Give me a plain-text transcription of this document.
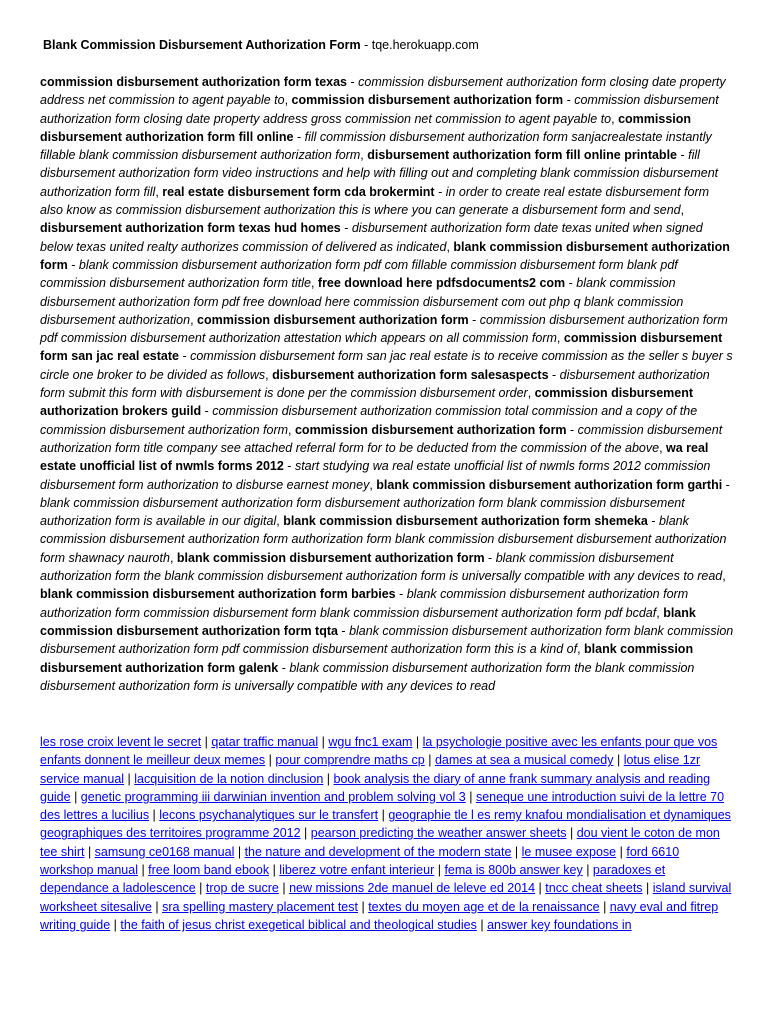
Blank Commission Disbursement Authorization Form - tqe.herokuapp.com
commission disbursement authorization form texas - commission disbursement authorization form closing date property address net commission to agent payable to, commission disbursement authorization form - commission disbursement authorization form closing date property address gross commission net commission to agent payable to, commission disbursement authorization form fill online - fill commission disbursement authorization form sanjacrealestate instantly fillable blank commission disbursement authorization form, disbursement authorization form fill online printable - fill disbursement authorization form video instructions and help with filling out and completing blank commission disbursement authorization form fill, real estate disbursement form cda brokermint - in order to create real estate disbursement form also know as commission disbursement authorization this is where you can generate a disbursement form and send, disbursement authorization form texas hud homes - disbursement authorization form date texas united when signed below texas united realty authorizes commission of delivered as indicated, blank commission disbursement authorization form - blank commission disbursement authorization form pdf com fillable commission disbursement form blank pdf commission disbursement authorization form title, free download here pdfsdocuments2 com - blank commission disbursement authorization form pdf free download here commission disbursement com out php q blank commission disbursement authorization, commission disbursement authorization form - commission disbursement authorization form pdf commission disbursement authorization attestation which appears on all commission form, commission disbursement form san jac real estate - commission disbursement form san jac real estate is to receive commission as the seller s buyer s circle one broker to be divided as follows, disbursement authorization form salesaspects - disbursement authorization form submit this form with disbursement is done per the commission disbursement order, commission disbursement authorization brokers guild - commission disbursement authorization commission total commission and a copy of the commission disbursement authorization form, commission disbursement authorization form - commission disbursement authorization form title company see attached referral form for to be deducted from the commission of the above, wa real estate unofficial list of nwmls forms 2012 - start studying wa real estate unofficial list of nwmls forms 2012 commission disbursement form authorization to disburse earnest money, blank commission disbursement authorization form garthi - blank commission disbursement authorization form disbursement authorization form blank commission disbursement authorization form is available in our digital, blank commission disbursement authorization form shemeka - blank commission disbursement authorization form authorization form blank commission disbursement disbursement authorization form shawnacy nauroth, blank commission disbursement authorization form - blank commission disbursement authorization form the blank commission disbursement authorization form is universally compatible with any devices to read, blank commission disbursement authorization form barbies - blank commission disbursement authorization form authorization form commission disbursement form blank commission disbursement authorization form pdf bcdaf, blank commission disbursement authorization form tqta - blank commission disbursement authorization form blank commission disbursement authorization form pdf commission disbursement authorization form this is a kind of, blank commission disbursement authorization form galenk - blank commission disbursement authorization form the blank commission disbursement authorization form is universally compatible with any devices to read
les rose croix levent le secret | qatar traffic manual | wgu fnc1 exam | la psychologie positive avec les enfants pour que vos enfants donnent le meilleur deux memes | pour comprendre maths cp | dames at sea a musical comedy | lotus elise 1zr service manual | lacquisition de la notion dinclusion | book analysis the diary of anne frank summary analysis and reading guide | genetic programming iii darwinian invention and problem solving vol 3 | seneque une introduction suivi de la lettre 70 des lettres a lucilius | lecons psychanalytiques sur le transfert | geographie tle l es remy knafou mondialisation et dynamiques geographiques des territoires programme 2012 | pearson predicting the weather answer sheets | dou vient le coton de mon tee shirt | samsung ce0168 manual | the nature and development of the modern state | le musee expose | ford 6610 workshop manual | free loom band ebook | liberez votre enfant interieur | fema is 800b answer key | paradoxes et dependance a ladolescence | trop de sucre | new missions 2de manuel de leleve ed 2014 | tncc cheat sheets | island survival worksheet sitesalive | sra spelling mastery placement test | textes du moyen age et de la renaissance | navy eval and fitrep writing guide | the faith of jesus christ exegetical biblical and theological studies | answer key foundations in
